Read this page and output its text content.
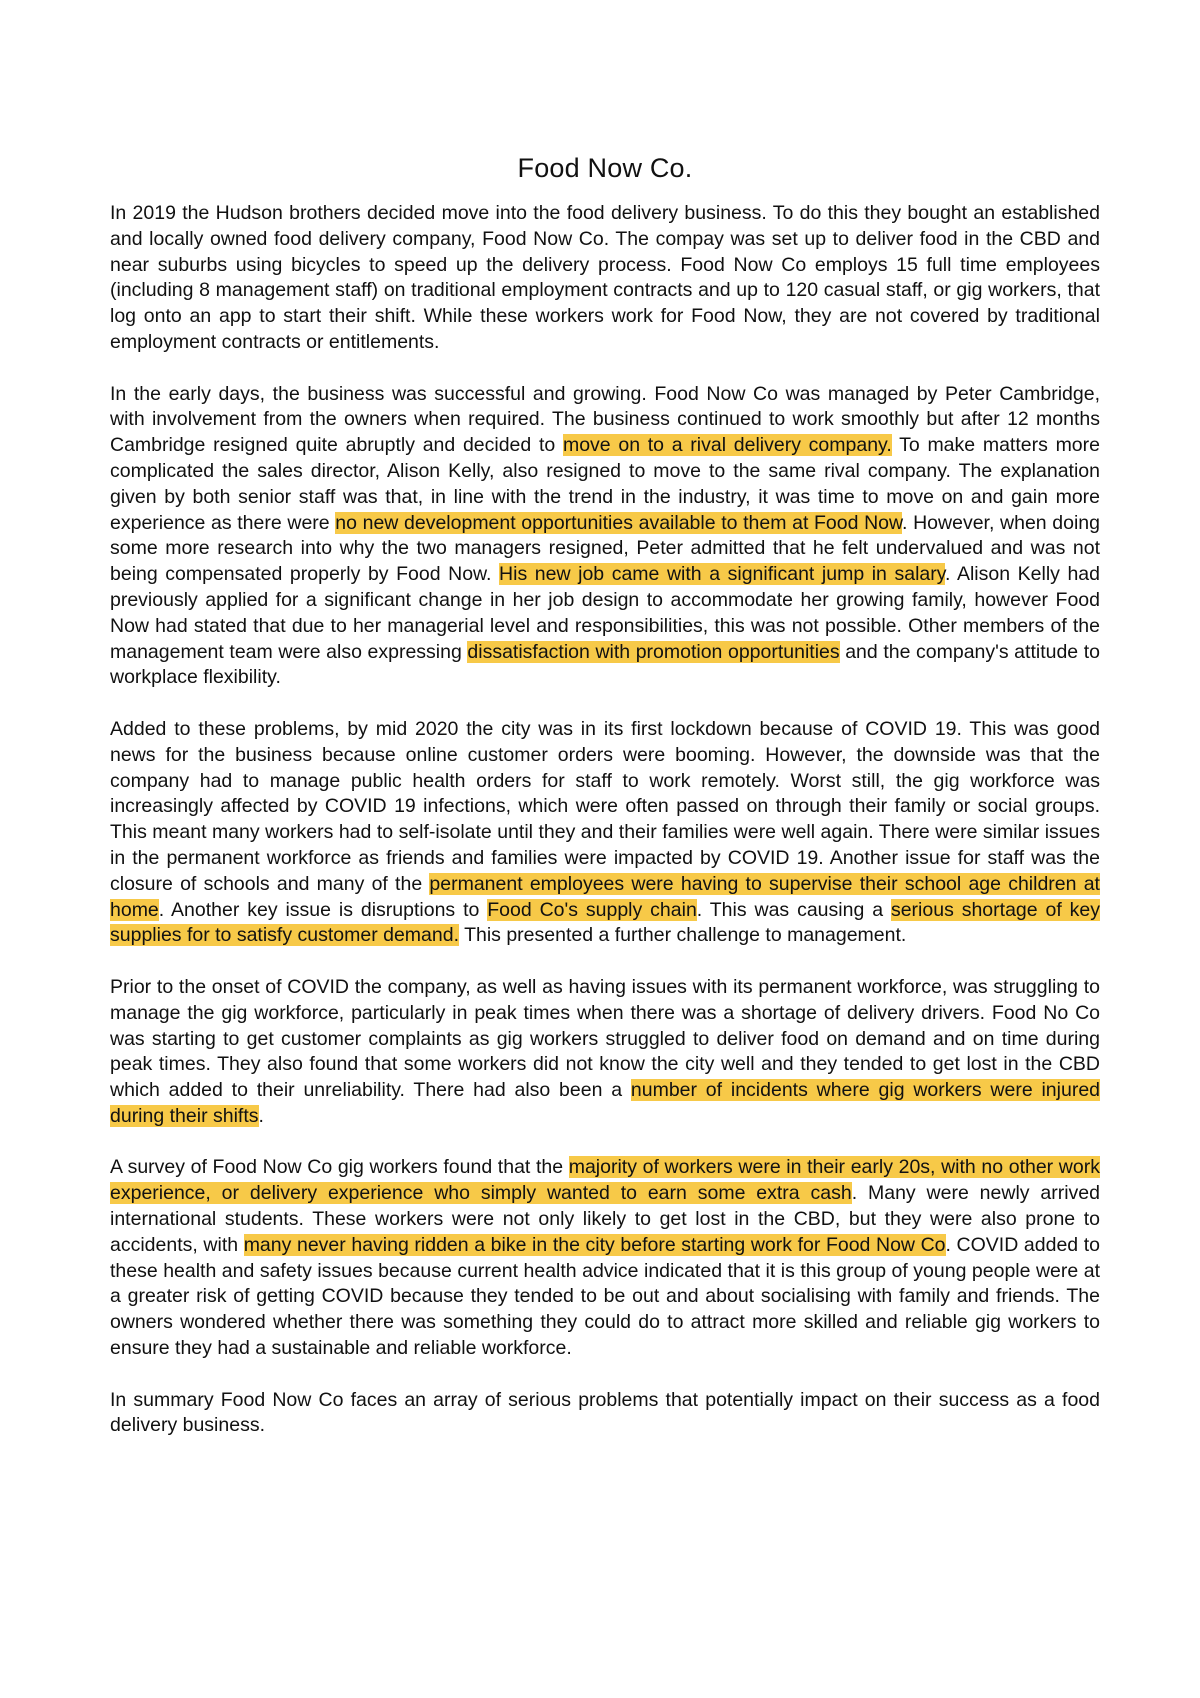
Food Now Co.

In 2019 the Hudson brothers decided move into the food delivery business. To do this they bought an established and locally owned food delivery company, Food Now Co. The compay was set up to deliver food in the CBD and near suburbs using bicycles to speed up the delivery process. Food Now Co employs 15 full time employees (including 8 management staff) on traditional employment contracts and up to 120 casual staff, or gig workers, that log onto an app to start their shift. While these workers work for Food Now, they are not covered by traditional employment contracts or entitlements.

In the early days, the business was successful and growing. Food Now Co was managed by Peter Cambridge, with involvement from the owners when required. The business continued to work smoothly but after 12 months Cambridge resigned quite abruptly and decided to move on to a rival delivery company. To make matters more complicated the sales director, Alison Kelly, also resigned to move to the same rival company. The explanation given by both senior staff was that, in line with the trend in the industry, it was time to move on and gain more experience as there were no new development opportunities available to them at Food Now. However, when doing some more research into why the two managers resigned, Peter admitted that he felt undervalued and was not being compensated properly by Food Now. His new job came with a significant jump in salary. Alison Kelly had previously applied for a significant change in her job design to accommodate her growing family, however Food Now had stated that due to her managerial level and responsibilities, this was not possible. Other members of the management team were also expressing dissatisfaction with promotion opportunities and the company's attitude to workplace flexibility.

Added to these problems, by mid 2020 the city was in its first lockdown because of COVID 19. This was good news for the business because online customer orders were booming. However, the downside was that the company had to manage public health orders for staff to work remotely. Worst still, the gig workforce was increasingly affected by COVID 19 infections, which were often passed on through their family or social groups. This meant many workers had to self-isolate until they and their families were well again. There were similar issues in the permanent workforce as friends and families were impacted by COVID 19. Another issue for staff was the closure of schools and many of the permanent employees were having to supervise their school age children at home. Another key issue is disruptions to Food Co's supply chain. This was causing a serious shortage of key supplies for to satisfy customer demand. This presented a further challenge to management.

Prior to the onset of COVID the company, as well as having issues with its permanent workforce, was struggling to manage the gig workforce, particularly in peak times when there was a shortage of delivery drivers. Food No Co was starting to get customer complaints as gig workers struggled to deliver food on demand and on time during peak times. They also found that some workers did not know the city well and they tended to get lost in the CBD which added to their unreliability. There had also been a number of incidents where gig workers were injured during their shifts.

A survey of Food Now Co gig workers found that the majority of workers were in their early 20s, with no other work experience, or delivery experience who simply wanted to earn some extra cash. Many were newly arrived international students. These workers were not only likely to get lost in the CBD, but they were also prone to accidents, with many never having ridden a bike in the city before starting work for Food Now Co. COVID added to these health and safety issues because current health advice indicated that it is this group of young people were at a greater risk of getting COVID because they tended to be out and about socialising with family and friends. The owners wondered whether there was something they could do to attract more skilled and reliable gig workers to ensure they had a sustainable and reliable workforce.

In summary Food Now Co faces an array of serious problems that potentially impact on their success as a food delivery business.
